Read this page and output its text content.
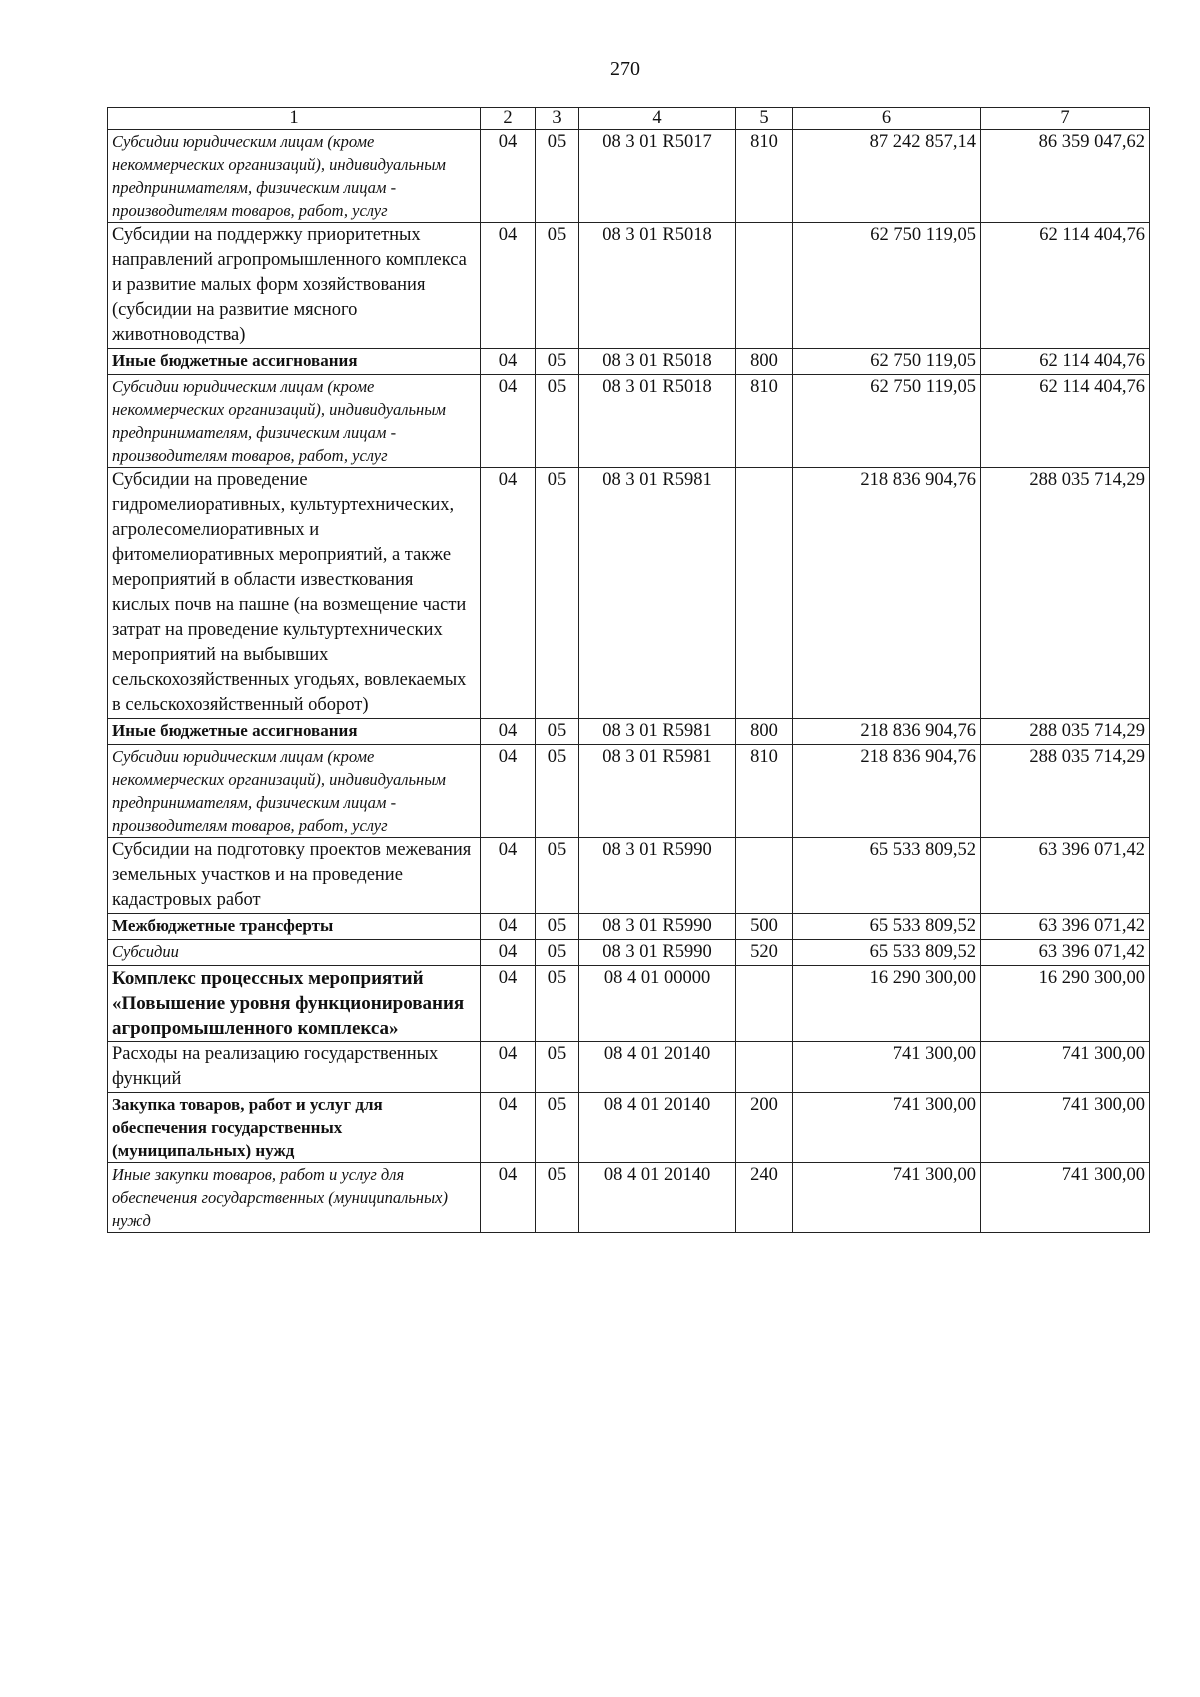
270
1	2	3	4	5	6	7
Субсидии юридическим лицам (кроме некоммерческих организаций), индивидуальным предпринимателям, физическим лицам - производителям товаров, работ, услуг	04	05	08 3 01 R5017	810	87 242 857,14	86 359 047,62
Субсидии на поддержку приоритетных направлений агропромышленного комплекса и развитие малых форм хозяйствования (субсидии на развитие мясного животноводства)	04	05	08 3 01 R5018		62 750 119,05	62 114 404,76
Иные бюджетные ассигнования	04	05	08 3 01 R5018	800	62 750 119,05	62 114 404,76
Субсидии юридическим лицам (кроме некоммерческих организаций), индивидуальным предпринимателям, физическим лицам - производителям товаров, работ, услуг	04	05	08 3 01 R5018	810	62 750 119,05	62 114 404,76
Субсидии на проведение гидромелиоративных, культуртехнических, агролесомелиоративных и фитомелиоративных мероприятий, а также мероприятий в области известкования кислых почв на пашне (на возмещение части затрат на проведение культуртехнических мероприятий на выбывших сельскохозяйственных угодьях, вовлекаемых в сельскохозяйственный оборот)	04	05	08 3 01 R5981		218 836 904,76	288 035 714,29
Иные бюджетные ассигнования	04	05	08 3 01 R5981	800	218 836 904,76	288 035 714,29
Субсидии юридическим лицам (кроме некоммерческих организаций), индивидуальным предпринимателям, физическим лицам - производителям товаров, работ, услуг	04	05	08 3 01 R5981	810	218 836 904,76	288 035 714,29
Субсидии на подготовку проектов межевания земельных участков и на проведение кадастровых работ	04	05	08 3 01 R5990		65 533 809,52	63 396 071,42
Межбюджетные трансферты	04	05	08 3 01 R5990	500	65 533 809,52	63 396 071,42
Субсидии	04	05	08 3 01 R5990	520	65 533 809,52	63 396 071,42
Комплекс процессных мероприятий «Повышение уровня функционирования агропромышленного комплекса»	04	05	08 4 01 00000		16 290 300,00	16 290 300,00
Расходы на реализацию государственных функций	04	05	08 4 01 20140		741 300,00	741 300,00
Закупка товаров, работ и услуг для обеспечения государственных (муниципальных) нужд	04	05	08 4 01 20140	200	741 300,00	741 300,00
Иные закупки товаров, работ и услуг для обеспечения государственных (муниципальных) нужд	04	05	08 4 01 20140	240	741 300,00	741 300,00
